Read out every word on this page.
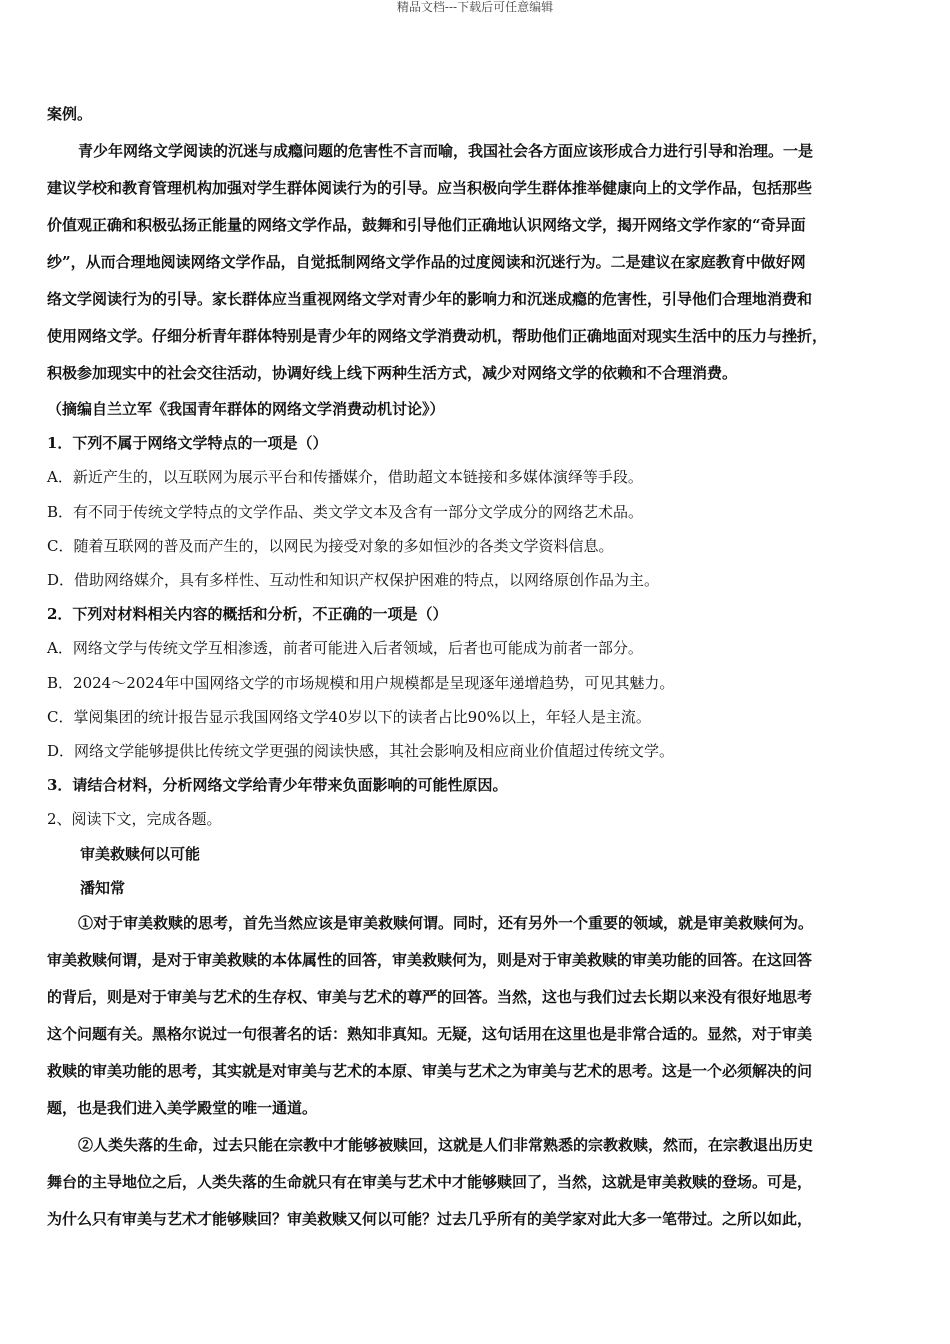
精品文档---下载后可任意编辑

案例。

青少年网络文学阅读的沉迷与成瘾问题的危害性不言而喻，我国社会各方面应该形成合力进行引导和治理。一是

建议学校和教育管理机构加强对学生群体阅读行为的引导。应当积极向学生群体推举健康向上的文学作品，包括那些

价值观正确和积极弘扬正能量的网络文学作品，鼓舞和引导他们正确地认识网络文学，揭开网络文学作家的“奇异面

纱”，从而合理地阅读网络文学作品，自觉抵制网络文学作品的过度阅读和沉迷行为。二是建议在家庭教育中做好网

络文学阅读行为的引导。家长群体应当重视网络文学对青少年的影响力和沉迷成瘾的危害性，引导他们合理地消费和

使用网络文学。仔细分析青年群体特别是青少年的网络文学消费动机，帮助他们正确地面对现实生活中的压力与挫折，

积极参加现实中的社会交往活动，协调好线上线下两种生活方式，减少对网络文学的依赖和不合理消费。

（摘编自兰立军《我国青年群体的网络文学消费动机讨论》）

1．下列不属于网络文学特点的一项是（）

A．新近产生的，以互联网为展示平台和传播媒介，借助超文本链接和多媒体演绎等手段。

B．有不同于传统文学特点的文学作品、类文学文本及含有一部分文学成分的网络艺术品。

C．随着互联网的普及而产生的，以网民为接受对象的多如恒沙的各类文学资料信息。

D．借助网络媒介，具有多样性、互动性和知识产权保护困难的特点，以网络原创作品为主。

2．下列对材料相关内容的概括和分析，不正确的一项是（）

A．网络文学与传统文学互相渗透，前者可能进入后者领域，后者也可能成为前者一部分。

B．2024～2024年中国网络文学的市场规模和用户规模都是呈现逐年递增趋势，可见其魅力。

C．掌阅集团的统计报告显示我国网络文学40岁以下的读者占比90%以上，年轻人是主流。

D．网络文学能够提供比传统文学更强的阅读快感，其社会影响及相应商业价值超过传统文学。

3．请结合材料，分析网络文学给青少年带来负面影响的可能性原因。

2、阅读下文，完成各题。

审美救赎何以可能

潘知常

①对于审美救赎的思考，首先当然应该是审美救赎何谓。同时，还有另外一个重要的领域，就是审美救赎何为。

审美救赎何谓，是对于审美救赎的本体属性的回答，审美救赎何为，则是对于审美救赎的审美功能的回答。在这回答

的背后，则是对于审美与艺术的生存权、审美与艺术的尊严的回答。当然，这也与我们过去长期以来没有很好地思考

这个问题有关。黑格尔说过一句很著名的话：熟知非真知。无疑，这句话用在这里也是非常合适的。显然，对于审美

救赎的审美功能的思考，其实就是对审美与艺术的本原、审美与艺术之为审美与艺术的思考。这是一个必须解决的问

题，也是我们进入美学殿堂的唯一通道。

②人类失落的生命，过去只能在宗教中才能够被赎回，这就是人们非常熟悉的宗教救赎，然而，在宗教退出历史

舞台的主导地位之后，人类失落的生命就只有在审美与艺术中才能够赎回了，当然，这就是审美救赎的登场。可是，

为什么只有审美与艺术才能够赎回？审美救赎又何以可能？过去几乎所有的美学家对此大多一笔带过。之所以如此，
